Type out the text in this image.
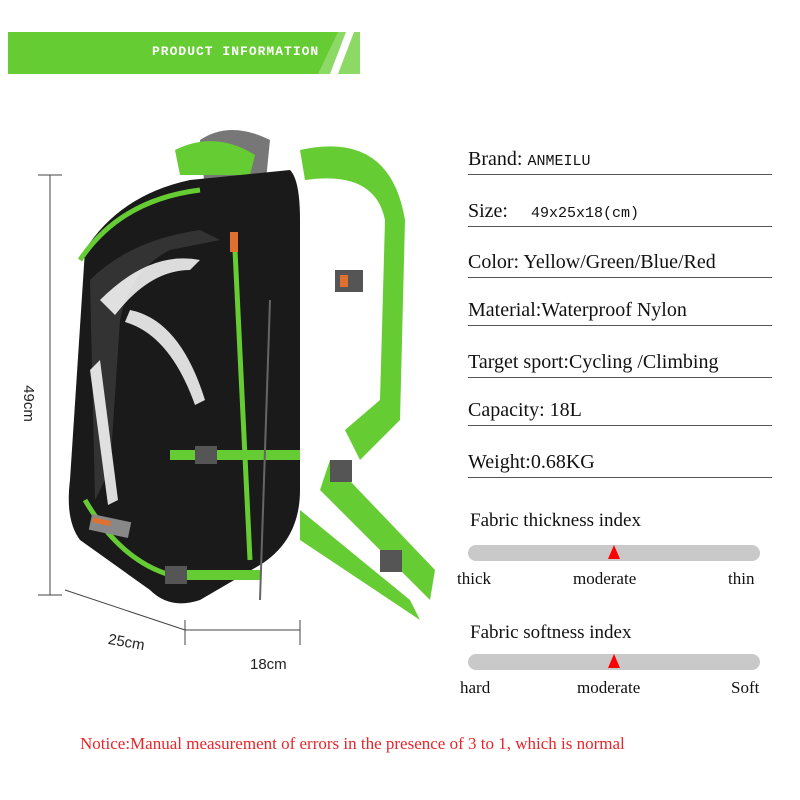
PRODUCT INFORMATION
49cm
25cm
18cm
Brand: ANMEILU
Size: 49x25x18(cm)
Color: Yellow/Green/Blue/Red
Material:Waterproof Nylon
Target sport:Cycling /Climbing
Capacity: 18L
Weight:0.68KG
Fabric thickness index
thick	moderate	thin
Fabric softness index
hard	moderate	Soft
Notice:Manual measurement of errors in the presence of 3 to 1, which is normal
